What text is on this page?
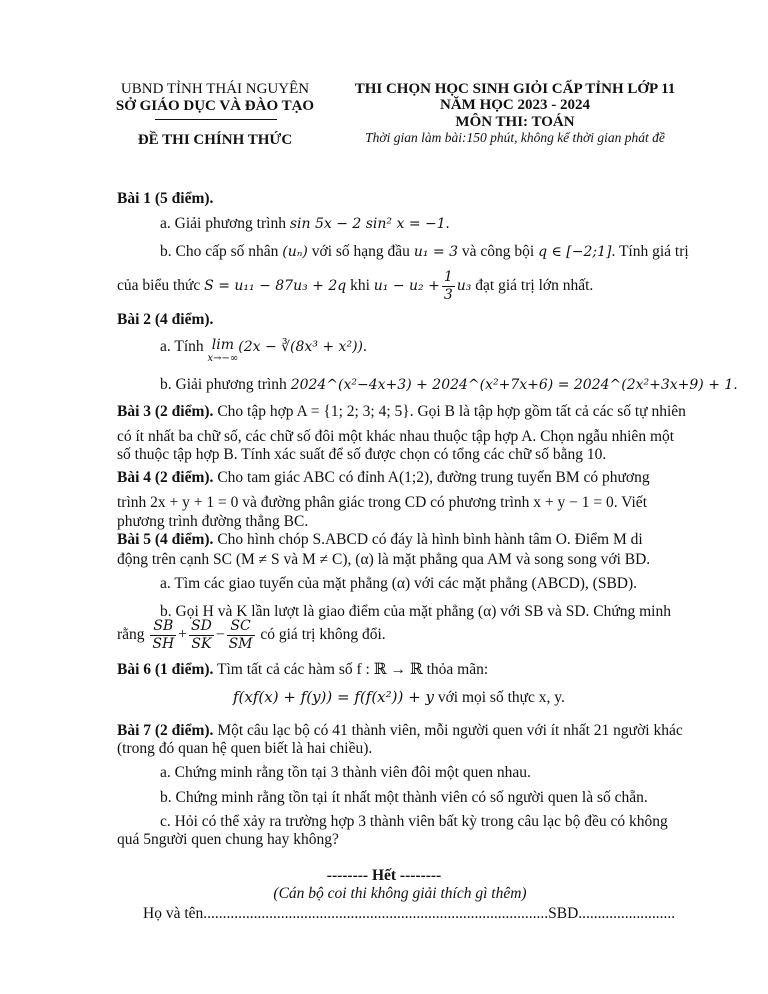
UBND TỈNH THÁI NGUYÊN
SỞ GIÁO DỤC VÀ ĐÀO TẠO
ĐỀ THI CHÍNH THỨC
THI CHỌN HỌC SINH GIỎI CẤP TỈNH LỚP 11
NĂM HỌC 2023 - 2024
MÔN THI: TOÁN
Thời gian làm bài:150 phút, không kể thời gian phát đề
Bài 1 (5 điểm).
a. Giải phương trình sin 5x − 2 sin² x = −1.
b. Cho cấp số nhân (uₙ) với số hạng đầu u₁ = 3 và công bội q ∈ [−2;1]. Tính giá trị
của biểu thức S = u₁₁ − 87u₃ + 2q khi $u_1 - u_2 + \frac{1}{3} u_3$ đạt giá trị lớn nhất.
Bài 2 (4 điểm).
a. Tính lim
x→−∞
(2x − ∛(8x³ + x²)).
b. Giải phương trình 2024^(x²−4x+3) + 2024^(x²+7x+6) = 2024^(2x²+3x+9) + 1.
Bài 3 (2 điểm). Cho tập hợp A = {1; 2; 3; 4; 5}. Gọi B là tập hợp gồm tất cả các số tự nhiên
có ít nhất ba chữ số, các chữ số đôi một khác nhau thuộc tập hợp A. Chọn ngẫu nhiên một
số thuộc tập hợp B. Tính xác suất để số được chọn có tổng các chữ số bằng 10.
Bài 4 (2 điểm). Cho tam giác ABC có đỉnh A(1;2), đường trung tuyến BM có phương
trình 2x + y + 1 = 0 và đường phân giác trong CD có phương trình x + y − 1 = 0. Viết
phương trình đường thẳng BC.
Bài 5 (4 điểm). Cho hình chóp S.ABCD có đáy là hình bình hành tâm O. Điểm M di
động trên cạnh SC (M ≠ S và M ≠ C), (α) là mặt phẳng qua AM và song song với BD.
a. Tìm các giao tuyến của mặt phẳng (α) với các mặt phẳng (ABCD), (SBD).
b. Gọi H và K lần lượt là giao điểm của mặt phẳng (α) với SB và SD. Chứng minh
rằng $\frac{SB}{SH} + \frac{SD}{SK} - \frac{SC}{SM}$ có giá trị không đổi.
Bài 6 (1 điểm). Tìm tất cả các hàm số f : ℝ → ℝ thỏa mãn:
f(xf(x) + f(y)) = f(f(x²)) + y với mọi số thực x, y.
Bài 7 (2 điểm). Một câu lạc bộ có 41 thành viên, mỗi người quen với ít nhất 21 người khác
(trong đó quan hệ quen biết là hai chiều).
a. Chứng minh rằng tồn tại 3 thành viên đôi một quen nhau.
b. Chứng minh rằng tồn tại ít nhất một thành viên có số người quen là số chẵn.
c. Hỏi có thể xảy ra trường hợp 3 thành viên bất kỳ trong câu lạc bộ đều có không
quá 5người quen chung hay không?
-------- Hết --------
(Cán bộ coi thi không giải thích gì thêm)
Họ và tên.........................................................................................SBD.........................
